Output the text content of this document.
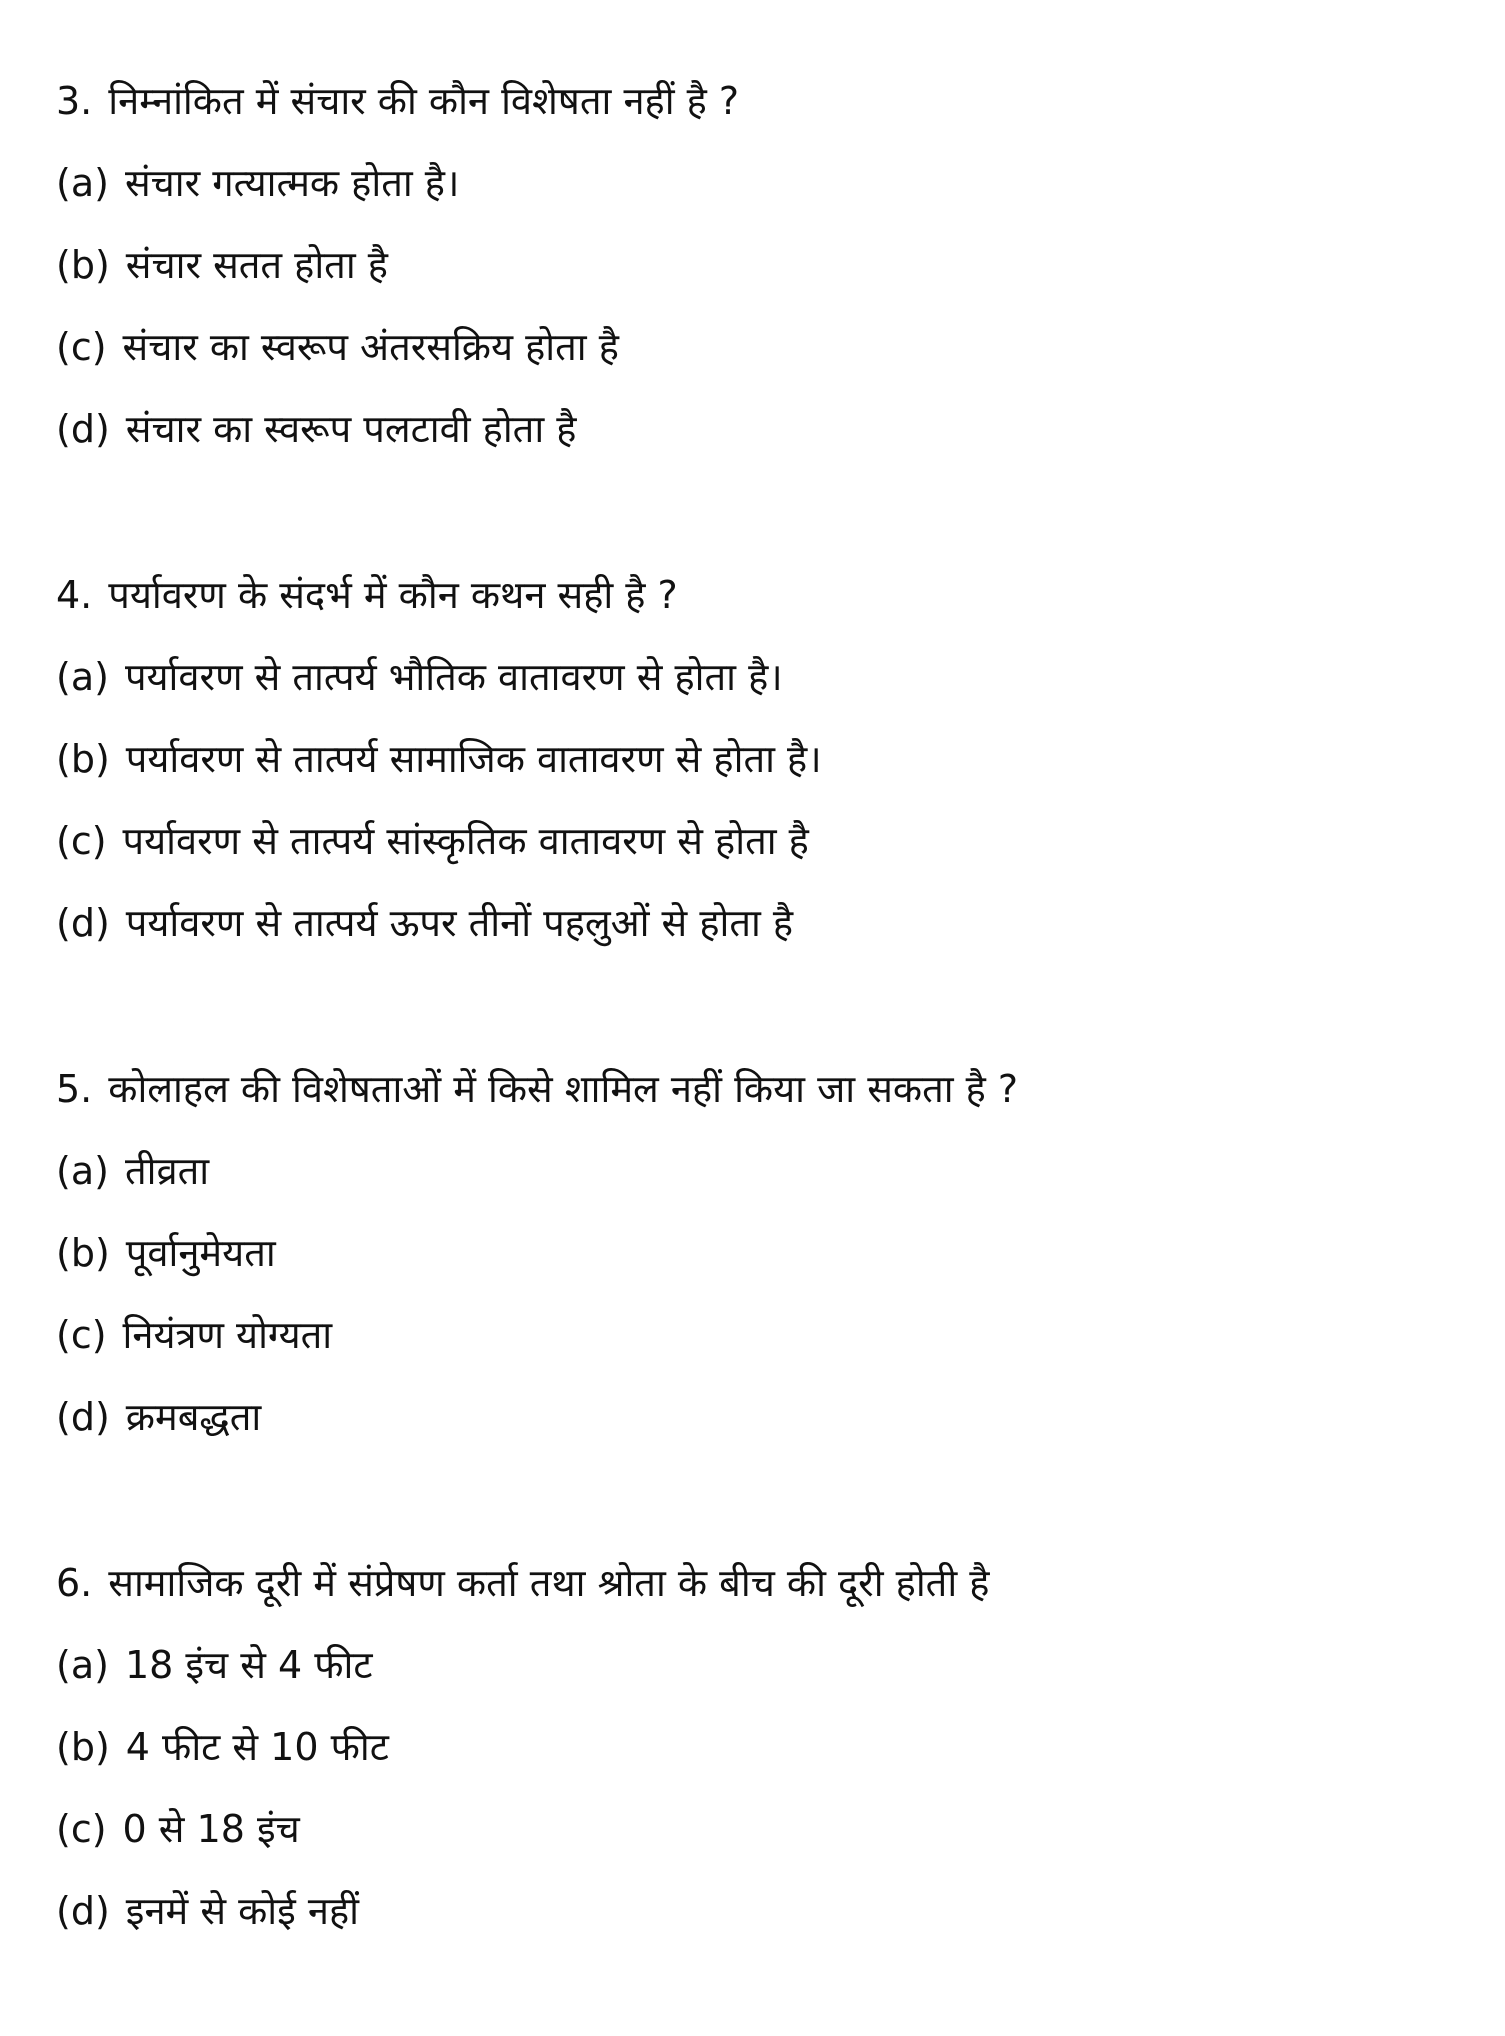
3. निम्नांकित में संचार की कौन विशेषता नहीं है ?
(a) संचार गत्यात्मक होता है।
(b) संचार सतत होता है
(c) संचार का स्वरूप अंतरसक्रिय होता है
(d) संचार का स्वरूप पलटावी होता है
4. पर्यावरण के संदर्भ में कौन कथन सही है ?
(a) पर्यावरण से तात्पर्य भौतिक वातावरण से होता है।
(b) पर्यावरण से तात्पर्य सामाजिक वातावरण से होता है।
(c) पर्यावरण से तात्पर्य सांस्कृतिक वातावरण से होता है
(d) पर्यावरण से तात्पर्य ऊपर तीनों पहलुओं से होता है
5. कोलाहल की विशेषताओं में किसे शामिल नहीं किया जा सकता है ?
(a) तीव्रता
(b) पूर्वानुमेयता
(c) नियंत्रण योग्यता
(d) क्रमबद्धता
6. सामाजिक दूरी में संप्रेषण कर्ता तथा श्रोता के बीच की दूरी होती है
(a) 18 इंच से 4 फीट
(b) 4 फीट से 10 फीट
(c) 0 से 18 इंच
(d) इनमें से कोई नहीं
